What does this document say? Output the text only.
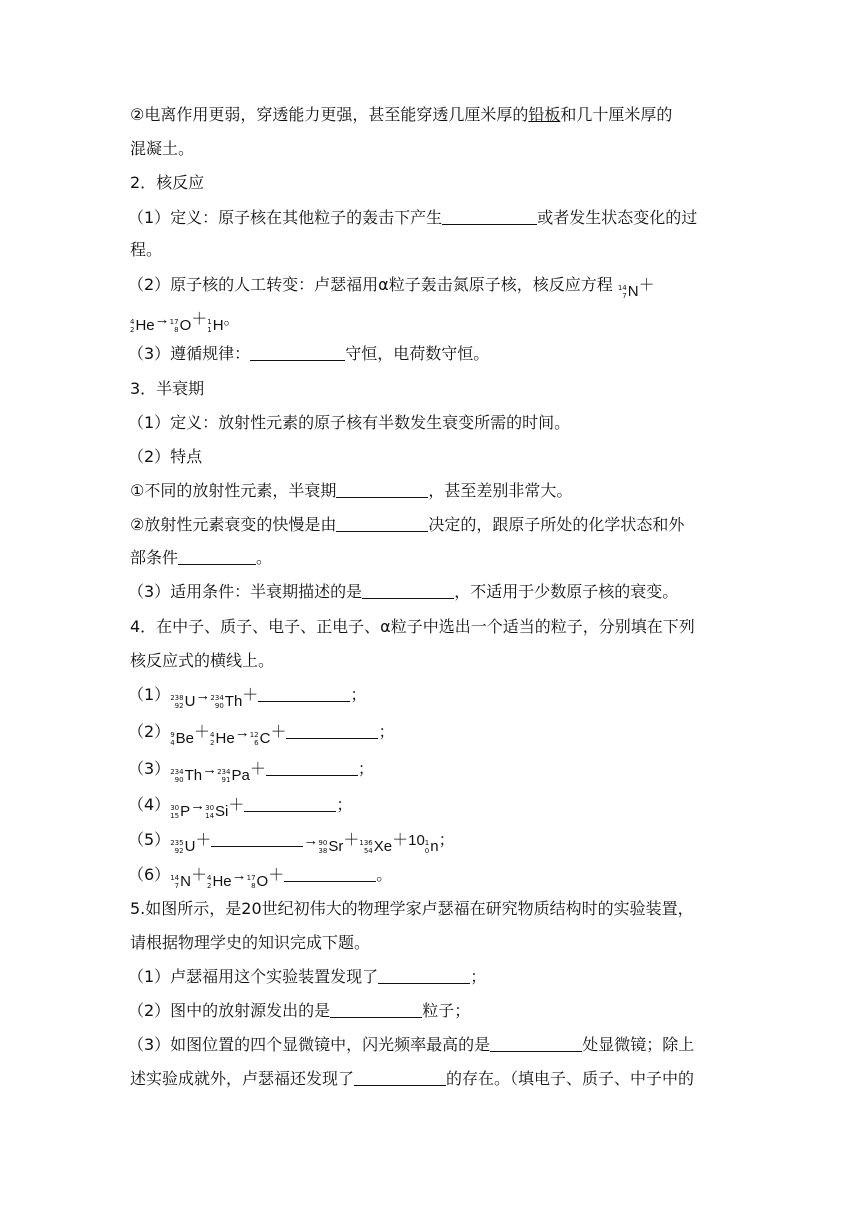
②电离作用更弱，穿透能力更强，甚至能穿透几厘米厚的铅板和几十厘米厚的
混凝土。
2．核反应
（1）定义：原子核在其他粒子的轰击下产生	或者发生状态变化的过
程。
（2）原子核的人工转变：卢瑟福用α粒子轰击氮原子核，核反应方程 14
7 N ＋
4
2 He → 17
8 O ＋ 1
1 H 。
（3）遵循规律：	守恒，电荷数守恒。
3．半衰期
（1）定义：放射性元素的原子核有半数发生衰变所需的时间。
（2）特点
①不同的放射性元素，半衰期	，甚至差别非常大。
②放射性元素衰变的快慢是由	决定的，跟原子所处的化学状态和外
部条件	。
（3）适用条件：半衰期描述的是	，不适用于少数原子核的衰变。
4．在中子、质子、电子、正电子、α粒子中选出一个适当的粒子，分别填在下列
核反应式的横线上。
（1） 238
92 U → 234
90 Th ＋	；
（2） 9
4 Be ＋ 4
2 He → 12
6 C ＋	；
（3） 234
90 Th → 234
91 Pa ＋	；
（4） 30
15 P → 30
14 Si ＋	；
（5） 235
92 U ＋	→ 90
38 Sr ＋ 136
54 Xe ＋10 1
0 n ；
（6） 14
7 N ＋ 4
2 He → 17
8 O ＋	。
5.如图所示，是20世纪初伟大的物理学家卢瑟福在研究物质结构时的实验装置，
请根据物理学史的知识完成下题。
（1）卢瑟福用这个实验装置发现了	；
（2）图中的放射源发出的是	粒子；
（3）如图位置的四个显微镜中，闪光频率最高的是	处显微镜；除上
述实验成就外，卢瑟福还发现了	的存在。（填电子、质子、中子中的
